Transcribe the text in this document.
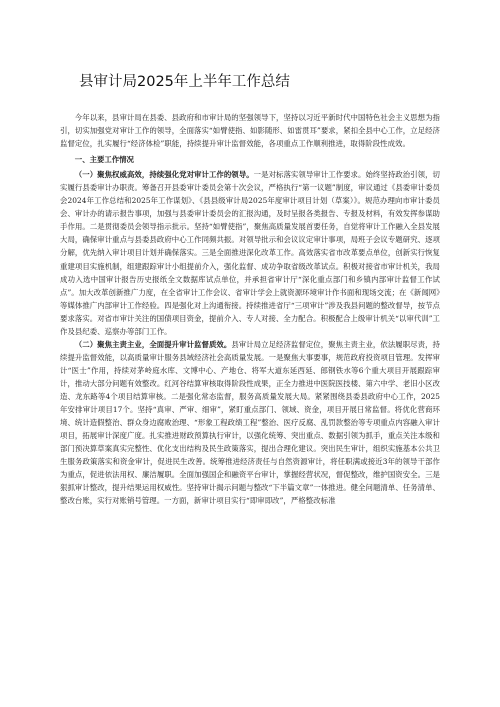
县审计局2025年上半年工作总结

今年以来，县审计局在县委、县政府和市审计局的坚强领导下，坚持以习近平新时代中国特色社会主义思想为指引，切实加强党对审计工作的领导，全面落实“如臂使指、如影随形、如雷贯耳”要求，紧扣全县中心工作，立足经济监督定位，扎实履行“经济体检”职能，持续提升审计监督效能，各项重点工作顺利推进，取得阶段性成效。

一、主要工作情况

（一）聚焦权威高效，持续强化党对审计工作的领导。一是对标落实领导审计工作要求。始终坚持政治引领，切实履行县委审计办职责。筹备召开县委审计委员会第十次会议，严格执行“第一议题”制度，审议通过《县委审计委员会2024年工作总结和2025年工作谋划》、《县县级审计局2025年度审计项目计划（草案）》。规范办理向市审计委员会、审计办的请示报告事项，加强与县委审计委员会的汇报沟通，及时呈报各类报告、专报及材料，有效发挥参谋助手作用。二是贯彻委员会领导指示批示。坚持“如臂使指”，聚焦高质量发展首要任务，自觉将审计工作融入全县发展大局，确保审计重点与县委县政府中心工作同频共振。对领导批示和会议议定审计事项，局班子会议专题研究、逐项分解，优先纳入审计项目计划并确保落实。三是全面推进深化改革工作。高效落实省市改革要点单位，创新实行恢复重建项目实施机制，组建跟踪审计小组提前介入，强化监督、成功争取省级改革试点。积极对接省市审计机关，我局成功入选中国审计报告历史报纸全文数据库试点单位，并承担省审计厅“深化重点部门和乡镇内部审计监督工作试点”。加大改革创新推广力度，在全省审计工作会议、省审计学会上就资源环境审计作书面和现场交流；在《新闻网》等媒体推广内部审计工作经验。四是强化对上沟通衔接。持续推进省厅“三项审计”涉及我县问题的整改督导，按节点要求落实。对省市审计关注的国债项目资金，提前介入、专人对接、全力配合。积极配合上级审计机关“以审代训”工作及县纪委、巡察办等部门工作。

（二）聚焦主责主业，全面提升审计监督质效。县审计局立足经济监督定位，聚焦主责主业，依法履职尽责，持续提升监督效能，以高质量审计服务县域经济社会高质量发展。一是聚焦大事要事，规范政府投资项目管理。发挥审计“医士”作用，持续对茅岭庭水库、文博中心、产地仓、将军大道东延西延、郎钢铁水等6个重大项目开展跟踪审计，推动大部分问题有效整改。红河谷结算审核取得阶段性成果，正全力推进中医院医技楼、第六中学、老旧小区改造、龙东路等4个项目结算审核。二是强化常态监督，服务高质量发展大局。紧紧围绕县委县政府中心工作，2025年安排审计项目17个。坚持“真审、严审、细审”，紧盯重点部门、领域、资金，项目开展日常监督。将优化营商环境、统计造假整治、群众身边腐败治理、“形象工程政绩工程”整治、医疗反腐、乱罚款整治等专项重点内容融入审计项目，拓展审计深度广度。扎实推进财政预算执行审计，以强化统筹、突出重点、数据引领为抓手，重点关注本级和部门预决算草案真实完整性、优化支出结构及民生政策落实，提出合理化建议。突出民生审计，组织实施基本公共卫生服务政策落实和资金审计，促进民生改善。统筹推进经济责任与自然资源审计，将任职满或接近3年的领导干部作为重点，促进依法用权、廉洁履职。全面加强国企和融资平台审计，掌握经营状况，督促整改，维护国资安全。三是狠抓审计整改，提升结果运用权威性。坚持审计揭示问题与整改“下半篇文章”一体推进。健全问题清单、任务清单、整改台账，实行对账销号管理。一方面，新审计项目实行“即审即改”，严格整改标准
